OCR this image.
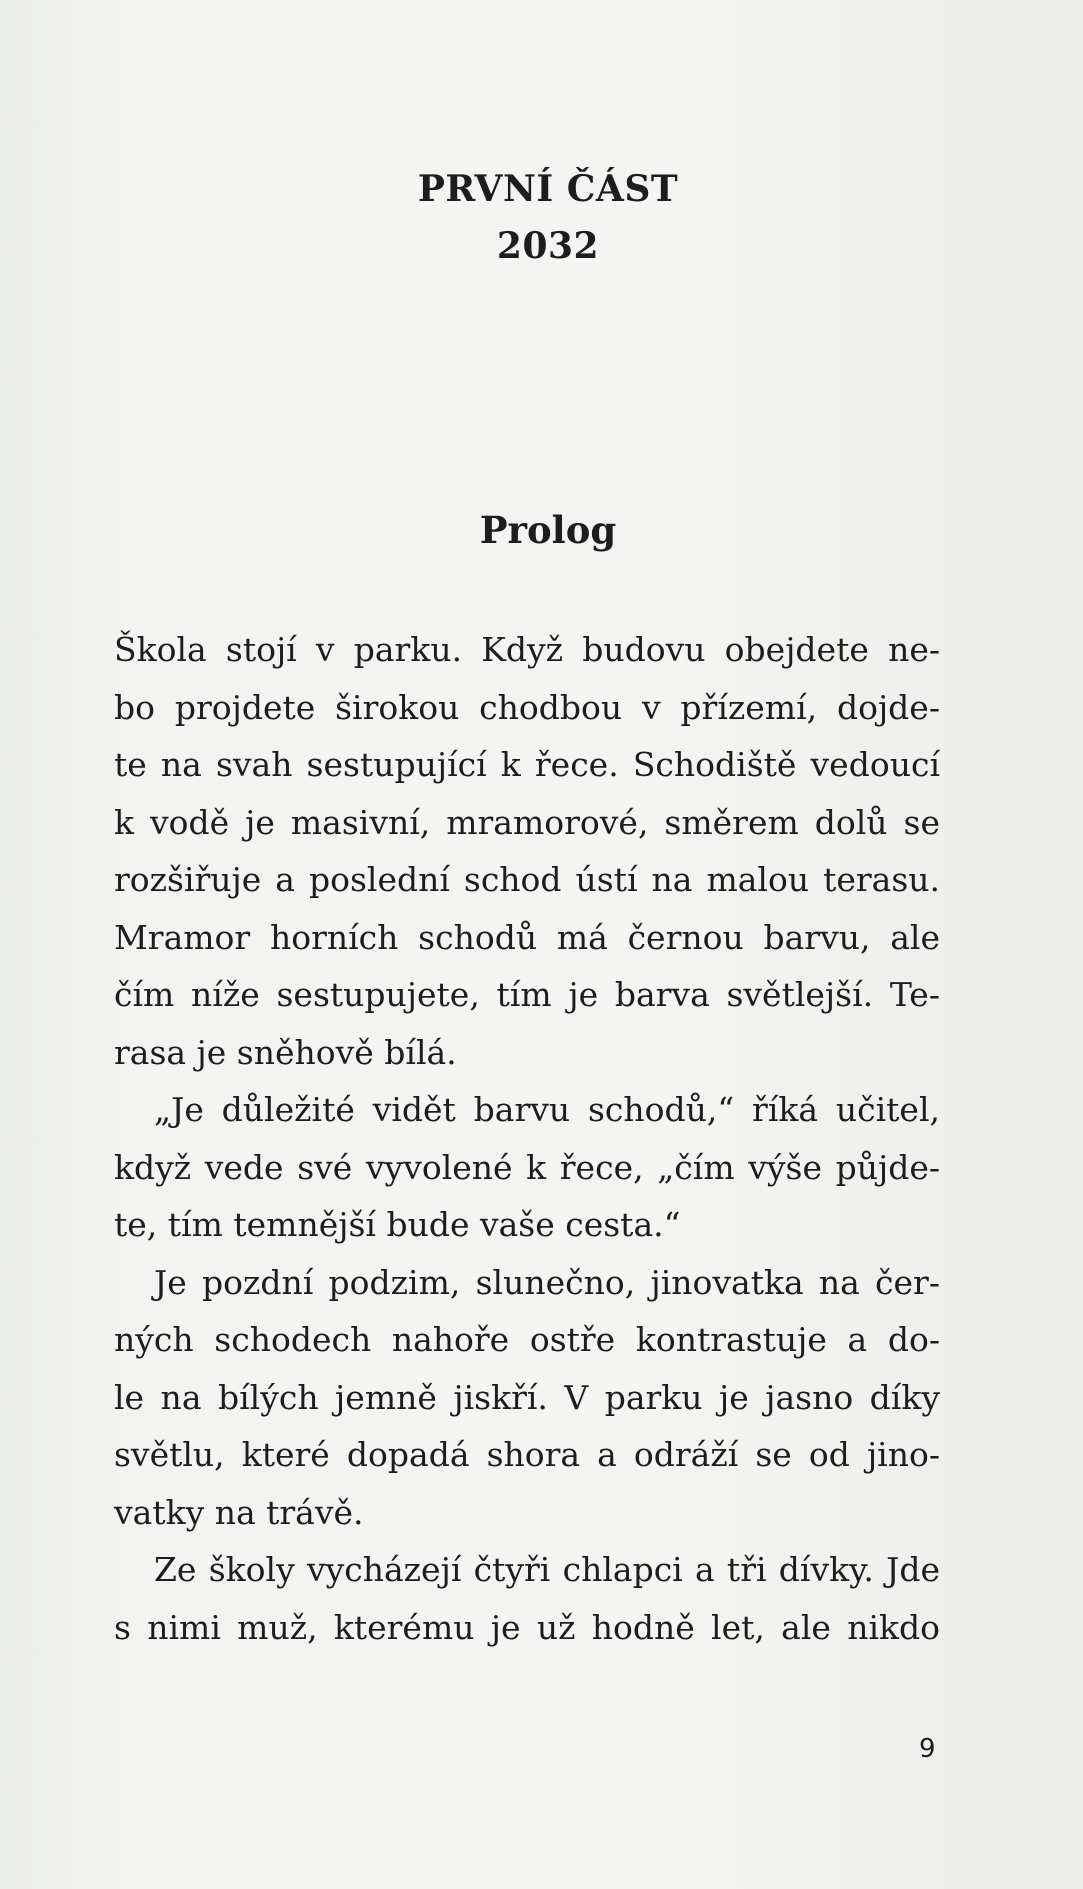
PRVNÍ ČÁST
2032
Prolog
Škola stojí v parku. Když budovu obejdete ne-
bo projdete širokou chodbou v přízemí, dojde-
te na svah sestupující k řece. Schodiště vedoucí
k vodě je masivní, mramorové, směrem dolů se
rozšiřuje a poslední schod ústí na malou terasu.
Mramor horních schodů má černou barvu, ale
čím níže sestupujete, tím je barva světlejší. Te-
rasa je sněhově bílá.
„Je důležité vidět barvu schodů,“ říká učitel,
když vede své vyvolené k řece, „čím výše půjde-
te, tím temnější bude vaše cesta.“
Je pozdní podzim, slunečno, jinovatka na čer-
ných schodech nahoře ostře kontrastuje a do-
le na bílých jemně jiskří. V parku je jasno díky
světlu, které dopadá shora a odráží se od jino-
vatky na trávě.
Ze školy vycházejí čtyři chlapci a tři dívky. Jde
s nimi muž, kterému je už hodně let, ale nikdo
9
